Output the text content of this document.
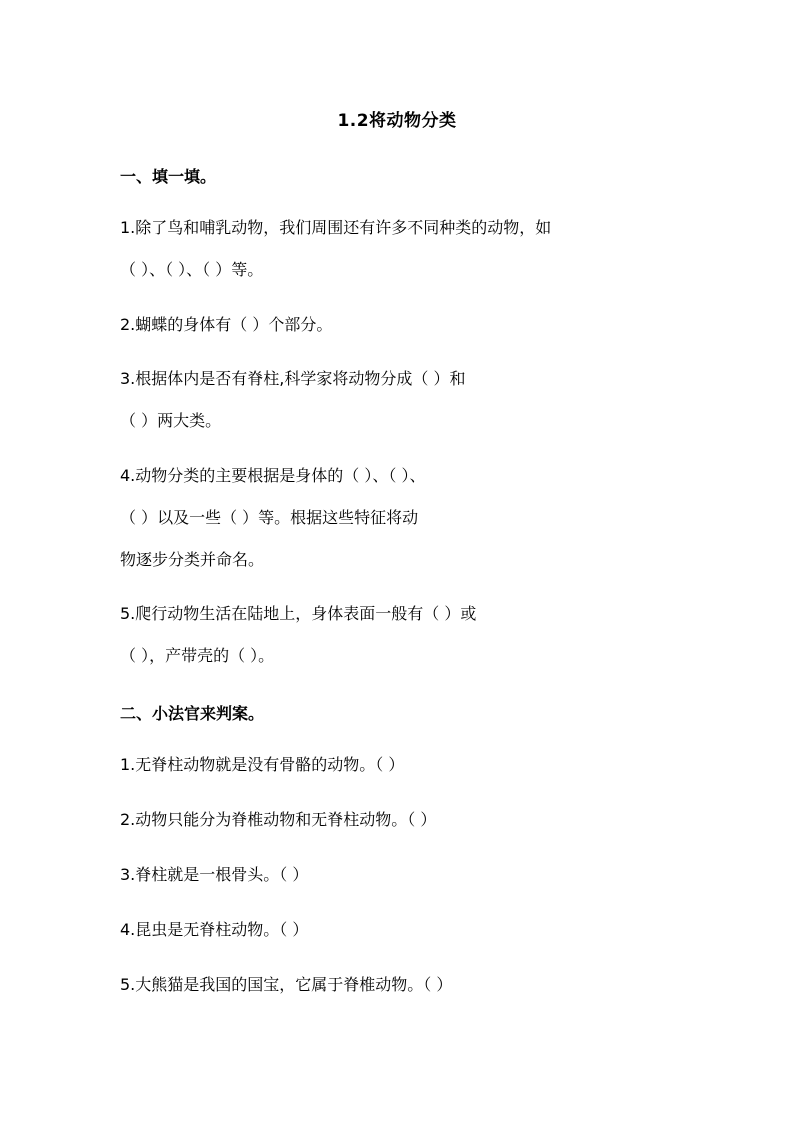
1.2将动物分类
一、填一填。
1.除了鸟和哺乳动物，我们周围还有许多不同种类的动物，如
（ ）、（ ）、（ ）等。
2.蝴蝶的身体有（ ）个部分。
3.根据体内是否有脊柱,科学家将动物分成（ ）和
（ ）两大类。
4.动物分类的主要根据是身体的（ ）、（ ）、
（ ）以及一些（ ）等。根据这些特征将动
物逐步分类并命名。
5.爬行动物生活在陆地上，身体表面一般有（ ）或
（ ），产带壳的（ ）。
二、小法官来判案。
1.无脊柱动物就是没有骨骼的动物。（ ）
2.动物只能分为脊椎动物和无脊柱动物。（ ）
3.脊柱就是一根骨头。（ ）
4.昆虫是无脊柱动物。（ ）
5.大熊猫是我国的国宝，它属于脊椎动物。（ ）
